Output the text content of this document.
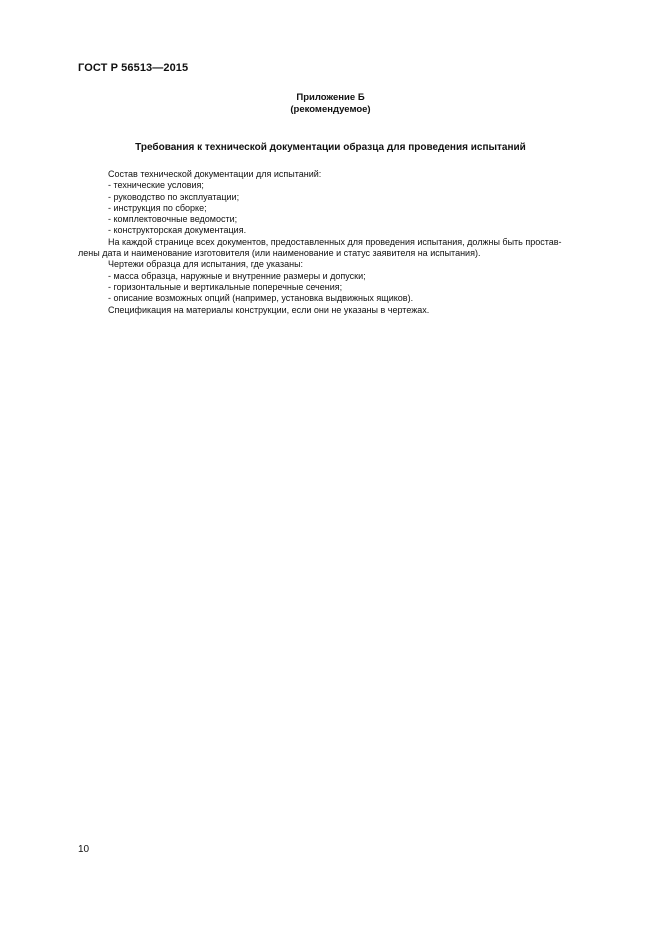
ГОСТ Р 56513—2015
Приложение Б
(рекомендуемое)
Требования к технической документации образца для проведения испытаний

Состав технической документации для испытаний:

- технические условия;

- руководство по эксплуатации;

- инструкция по сборке;

- комплектовочные ведомости;

- конструкторская документация.

На каждой странице всех документов, предоставленных для проведения испытания, должны быть простав-

лены дата и наименование изготовителя (или наименование и статус заявителя на испытания).

Чертежи образца для испытания, где указаны:

- масса образца, наружные и внутренние размеры и допуски;

- горизонтальные и вертикальные поперечные сечения;

- описание возможных опций (например, установка выдвижных ящиков).

Спецификация на материалы конструкции, если они не указаны в чертежах.

10
